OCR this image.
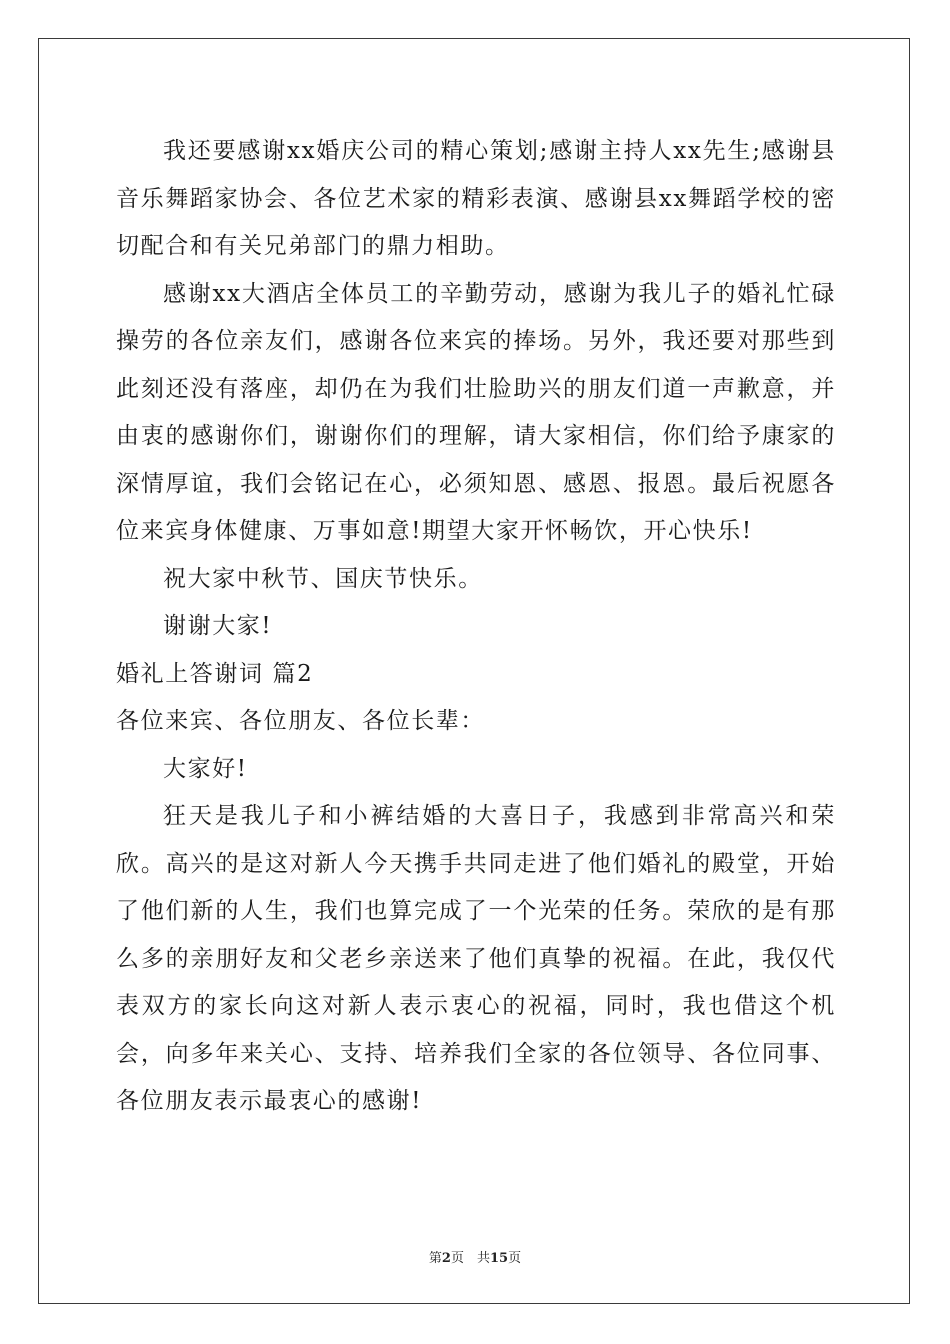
我还要感谢xx婚庆公司的精心策划;感谢主持人xx先生;感谢县音乐舞蹈家协会、各位艺术家的精彩表演、感谢县xx舞蹈学校的密切配合和有关兄弟部门的鼎力相助。

感谢xx大酒店全体员工的辛勤劳动，感谢为我儿子的婚礼忙碌操劳的各位亲友们，感谢各位来宾的捧场。另外，我还要对那些到此刻还没有落座，却仍在为我们壮脸助兴的朋友们道一声歉意，并由衷的感谢你们，谢谢你们的理解，请大家相信，你们给予康家的深情厚谊，我们会铭记在心，必须知恩、感恩、报恩。最后祝愿各位来宾身体健康、万事如意!期望大家开怀畅饮，开心快乐!

祝大家中秋节、国庆节快乐。

谢谢大家!

婚礼上答谢词 篇2

各位来宾、各位朋友、各位长辈：

大家好!

狂天是我儿子和小裤结婚的大喜日子，我感到非常高兴和荣欣。高兴的是这对新人今天携手共同走进了他们婚礼的殿堂，开始了他们新的人生，我们也算完成了一个光荣的任务。荣欣的是有那么多的亲朋好友和父老乡亲送来了他们真挚的祝福。在此，我仅代表双方的家长向这对新人表示衷心的祝福，同时，我也借这个机会，向多年来关心、支持、培养我们全家的各位领导、各位同事、各位朋友表示最衷心的感谢!

第2页　共15页
